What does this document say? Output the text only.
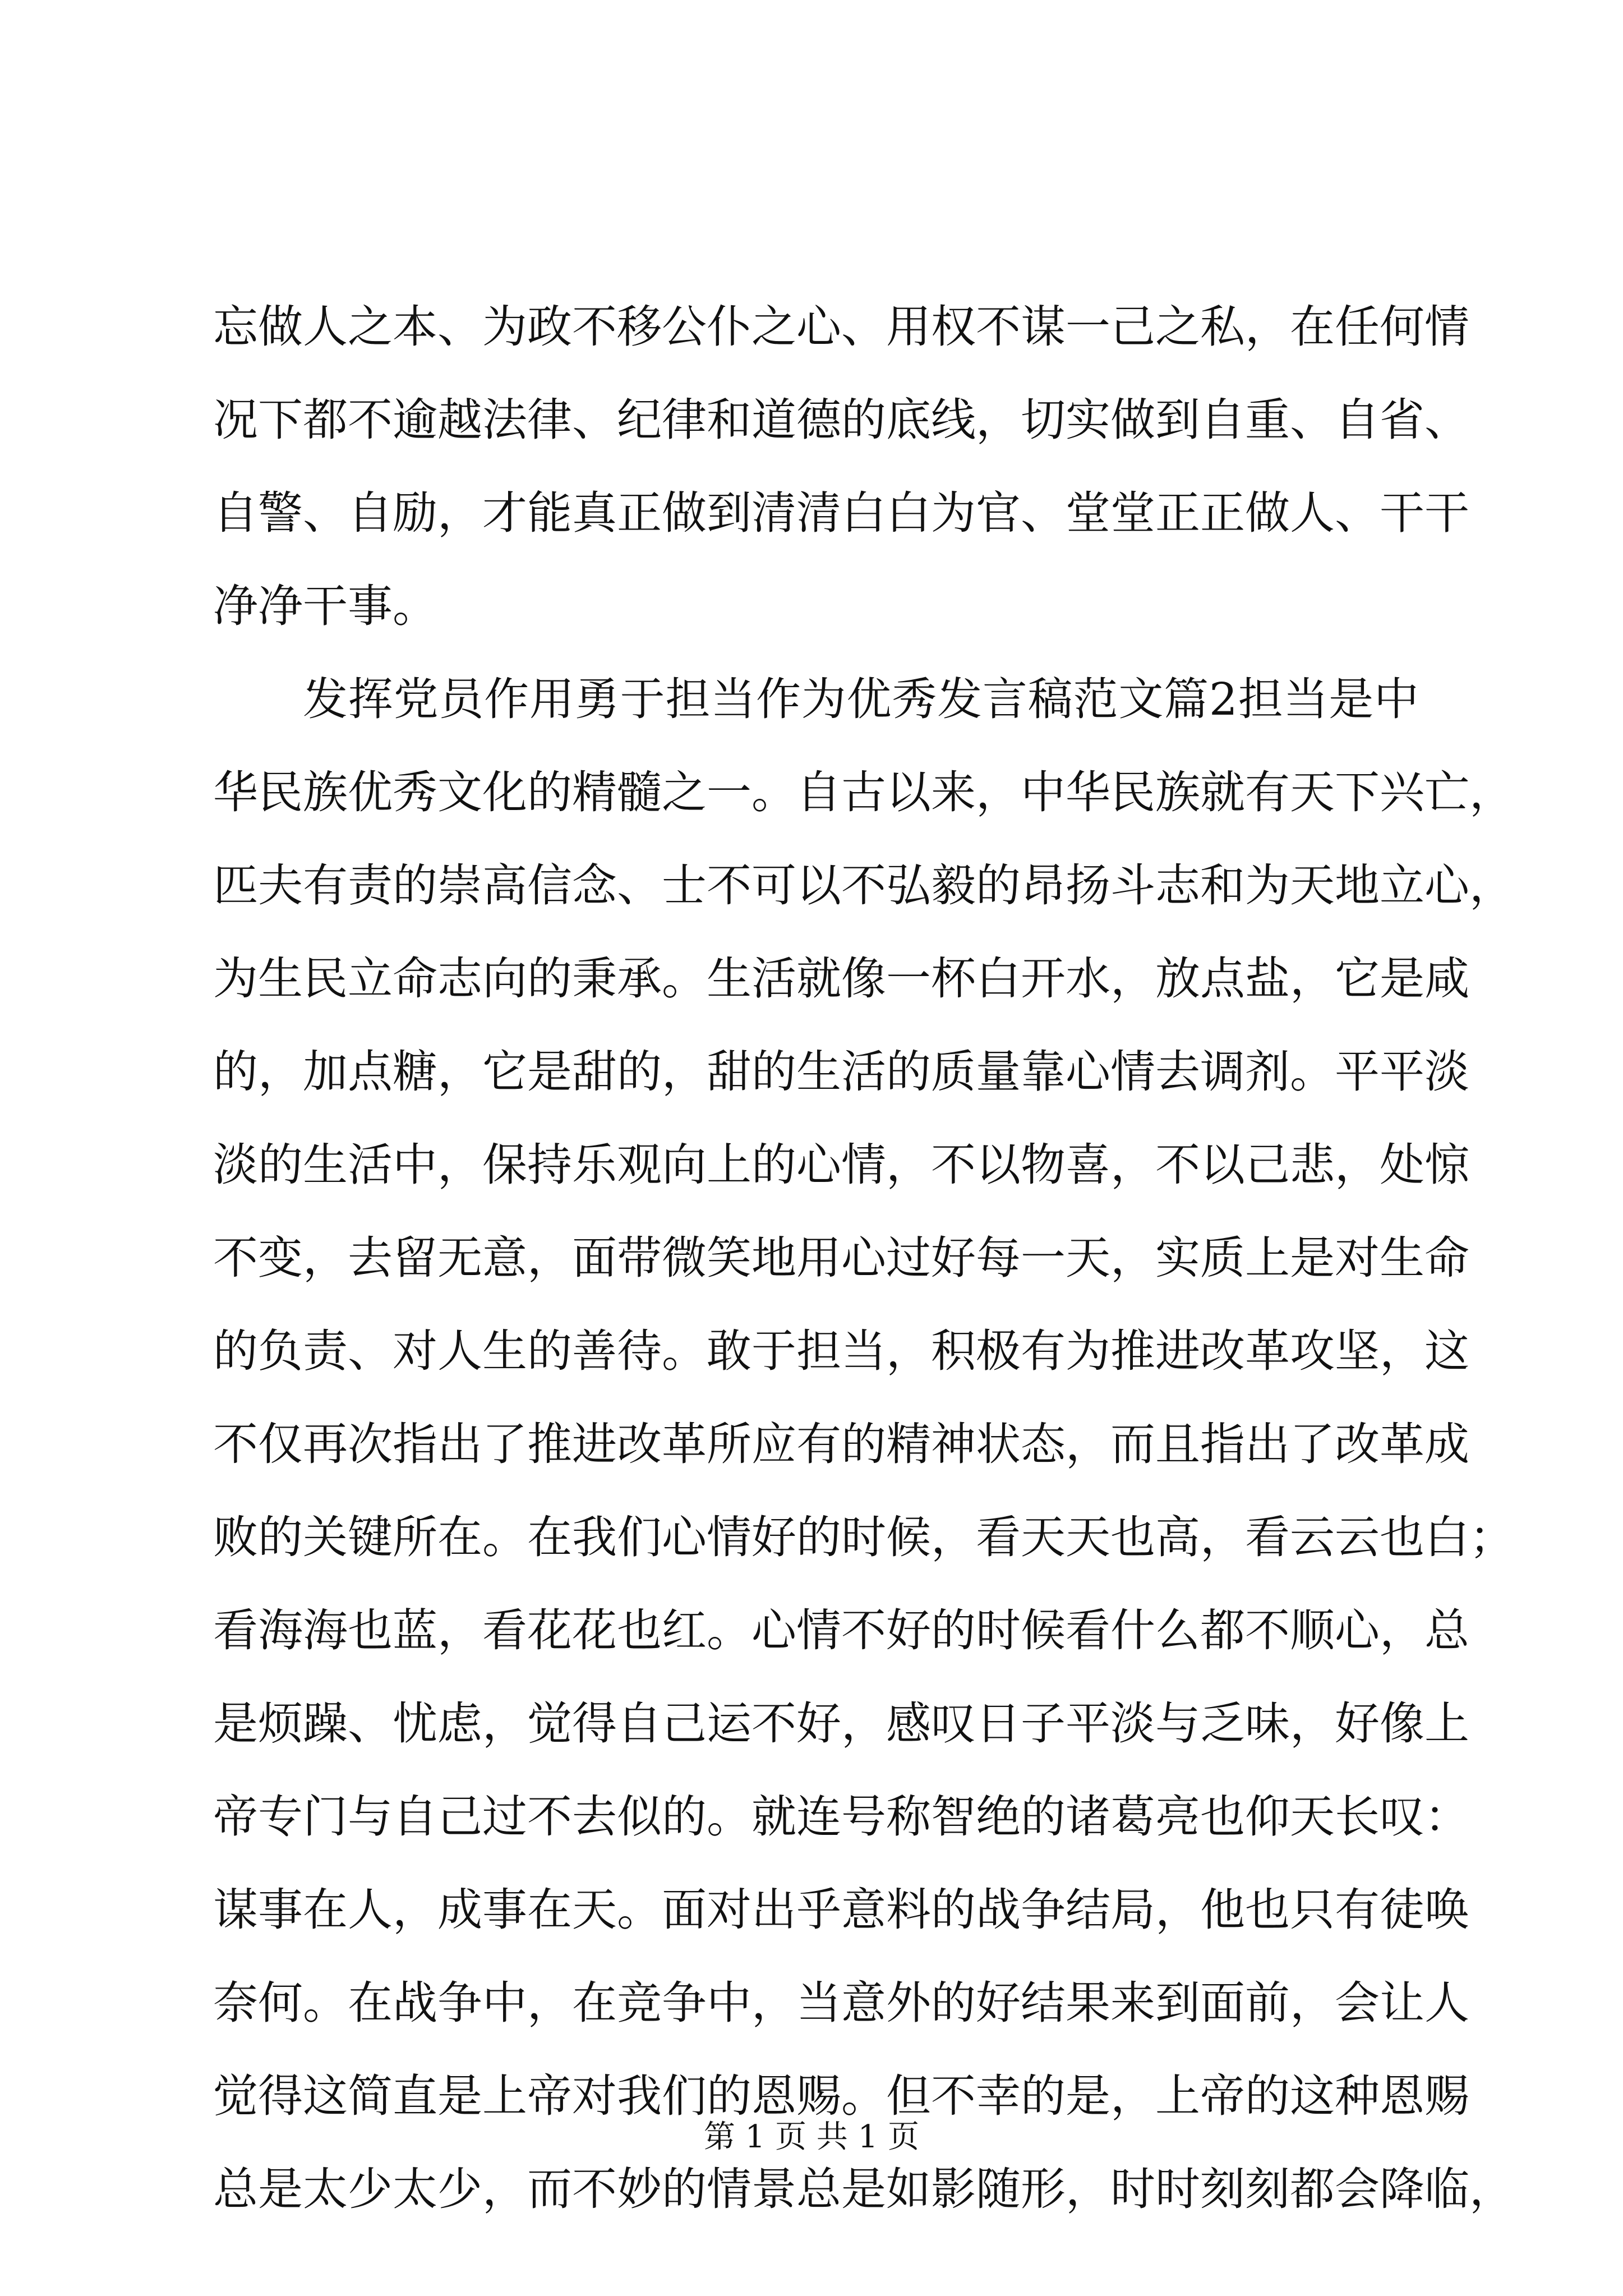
忘做人之本、为政不移公仆之心、用权不谋一己之私，在任何情
况下都不逾越法律、纪律和道德的底线，切实做到自重、自省、
自警、自励，才能真正做到清清白白为官、堂堂正正做人、干干
净净干事。
发挥党员作用勇于担当作为优秀发言稿范文篇2担当是中
华民族优秀文化的精髓之一。自古以来，中华民族就有天下兴亡，
匹夫有责的崇高信念、士不可以不弘毅的昂扬斗志和为天地立心，
为生民立命志向的秉承。生活就像一杯白开水，放点盐，它是咸
的，加点糖，它是甜的，甜的生活的质量靠心情去调剂。平平淡
淡的生活中，保持乐观向上的心情，不以物喜，不以己悲，处惊
不变，去留无意，面带微笑地用心过好每一天，实质上是对生命
的负责、对人生的善待。敢于担当，积极有为推进改革攻坚，这
不仅再次指出了推进改革所应有的精神状态，而且指出了改革成
败的关键所在。在我们心情好的时候，看天天也高，看云云也白；
看海海也蓝，看花花也红。心情不好的时候看什么都不顺心，总
是烦躁、忧虑，觉得自己运不好，感叹日子平淡与乏味，好像上
帝专门与自己过不去似的。就连号称智绝的诸葛亮也仰天长叹：
谋事在人，成事在天。面对出乎意料的战争结局，他也只有徒唤
奈何。在战争中，在竞争中，当意外的好结果来到面前，会让人
觉得这简直是上帝对我们的恩赐。但不幸的是，上帝的这种恩赐
总是太少太少，而不妙的情景总是如影随形，时时刻刻都会降临，
第 1 页 共 1 页
